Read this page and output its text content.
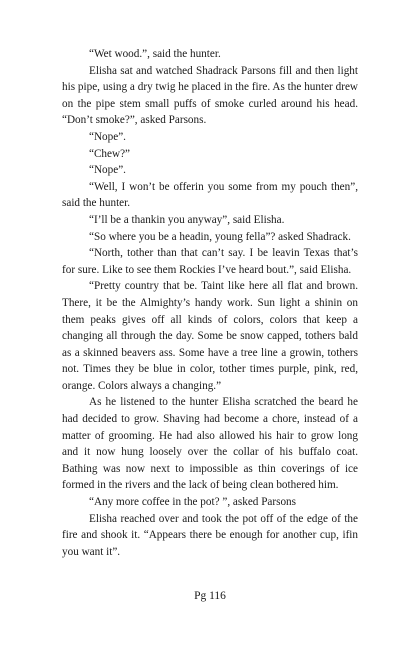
“Wet wood.”, said the hunter.

Elisha sat and watched Shadrack Parsons fill and then light his pipe, using a dry twig he placed in the fire. As the hunter drew on the pipe stem small puffs of smoke curled around his head. “Don’t smoke?”, asked Parsons.

“Nope”.

“Chew?”

“Nope”.

“Well, I won’t be offerin you some from my pouch then”, said the hunter.

“I’ll be a thankin you anyway”, said Elisha.

“So where you be a headin, young fella”? asked Shadrack.

“North, tother than that can’t say. I be leavin Texas that’s for sure. Like to see them Rockies I’ve heard bout.”, said Elisha.

“Pretty country that be. Taint like here all flat and brown. There, it be the Almighty’s handy work. Sun light a shinin on them peaks gives off all kinds of colors, colors that keep a changing all through the day. Some be snow capped, tothers bald as a skinned beavers ass. Some have a tree line a growin, tothers not. Times they be blue in color, tother times purple, pink, red, orange. Colors always a changing.”

As he listened to the hunter Elisha scratched the beard he had decided to grow. Shaving had become a chore, instead of a matter of grooming. He had also allowed his hair to grow long and it now hung loosely over the collar of his buffalo coat. Bathing was now next to impossible as thin coverings of ice formed in the rivers and the lack of being clean bothered him.

“Any more coffee in the pot? ”, asked Parsons

Elisha reached over and took the pot off of the edge of the fire and shook it. “Appears there be enough for another cup, ifin you want it”.

Pg 116
